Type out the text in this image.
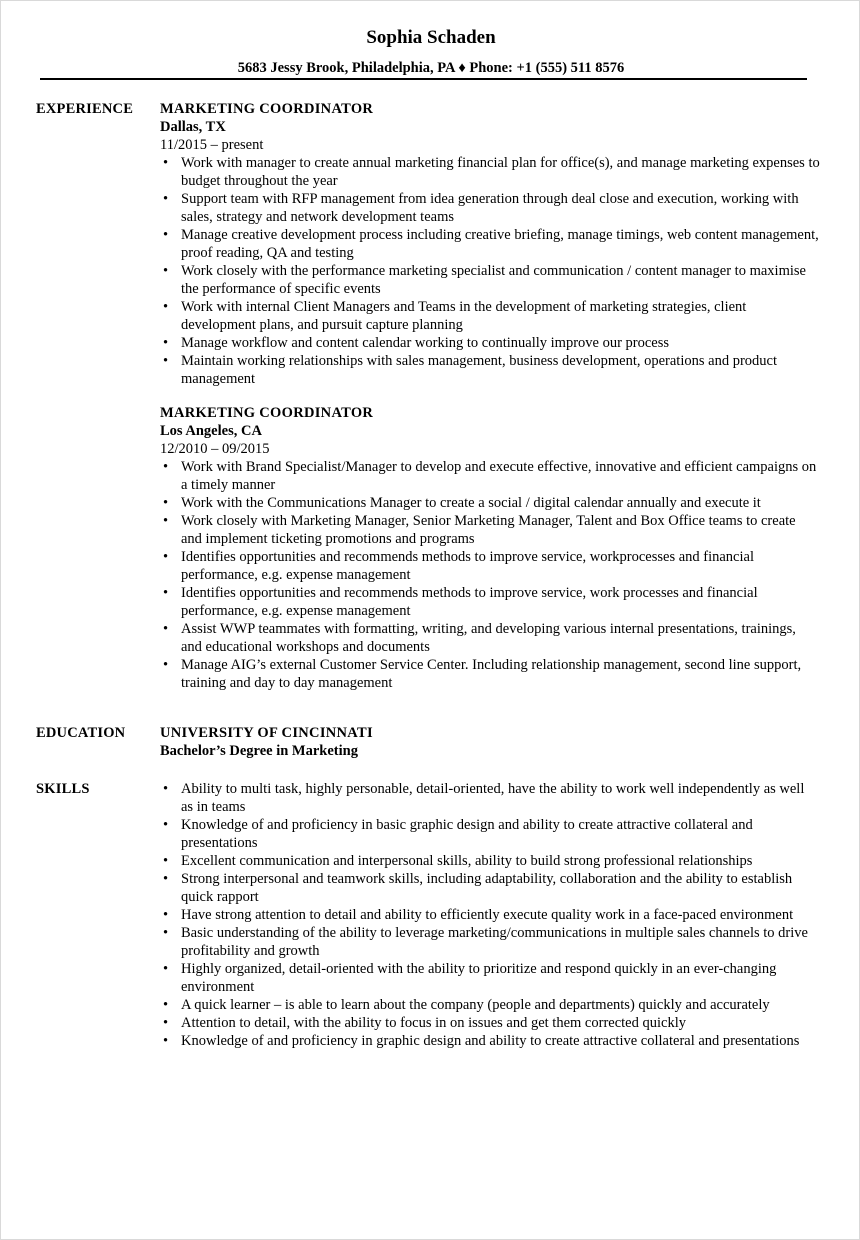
Sophia Schaden
5683 Jessy Brook, Philadelphia, PA ♦ Phone: +1 (555) 511 8576
EXPERIENCE MARKETING COORDINATOR
Dallas, TX
11/2015 – present
• Work with manager to create annual marketing financial plan for office(s), and manage marketing expenses to budget throughout the year
• Support team with RFP management from idea generation through deal close and execution, working with sales, strategy and network development teams
• Manage creative development process including creative briefing, manage timings, web content management, proof reading, QA and testing
• Work closely with the performance marketing specialist and communication / content manager to maximise the performance of specific events
• Work with internal Client Managers and Teams in the development of marketing strategies, client development plans, and pursuit capture planning
• Manage workflow and content calendar working to continually improve our process
• Maintain working relationships with sales management, business development, operations and product management
MARKETING COORDINATOR
Los Angeles, CA
12/2010 – 09/2015
• Work with Brand Specialist/Manager to develop and execute effective, innovative and efficient campaigns on a timely manner
• Work with the Communications Manager to create a social / digital calendar annually and execute it
• Work closely with Marketing Manager, Senior Marketing Manager, Talent and Box Office teams to create and implement ticketing promotions and programs
• Identifies opportunities and recommends methods to improve service, workprocesses and financial performance, e.g. expense management
• Identifies opportunities and recommends methods to improve service, work processes and financial performance, e.g. expense management
• Assist WWP teammates with formatting, writing, and developing various internal presentations, trainings, and educational workshops and documents
• Manage AIG’s external Customer Service Center. Including relationship management, second line support, training and day to day management
EDUCATION UNIVERSITY OF CINCINNATI
Bachelor’s Degree in Marketing
SKILLS
•	Ability to multi task, highly personable, detail-oriented, have the ability to work well independently as well as in teams
• Knowledge of and proficiency in basic graphic design and ability to create attractive collateral and presentations
• Excellent communication and interpersonal skills, ability to build strong professional relationships
• Strong interpersonal and teamwork skills, including adaptability, collaboration and the ability to establish quick rapport
• Have strong attention to detail and ability to efficiently execute quality work in a face-paced environment
• Basic understanding of the ability to leverage marketing/communications in multiple sales channels to drive profitability and growth
• Highly organized, detail-oriented with the ability to prioritize and respond quickly in an ever-changing environment
• A quick learner – is able to learn about the company (people and departments) quickly and accurately
• Attention to detail, with the ability to focus in on issues and get them corrected quickly
• Knowledge of and proficiency in graphic design and ability to create attractive collateral and presentations
